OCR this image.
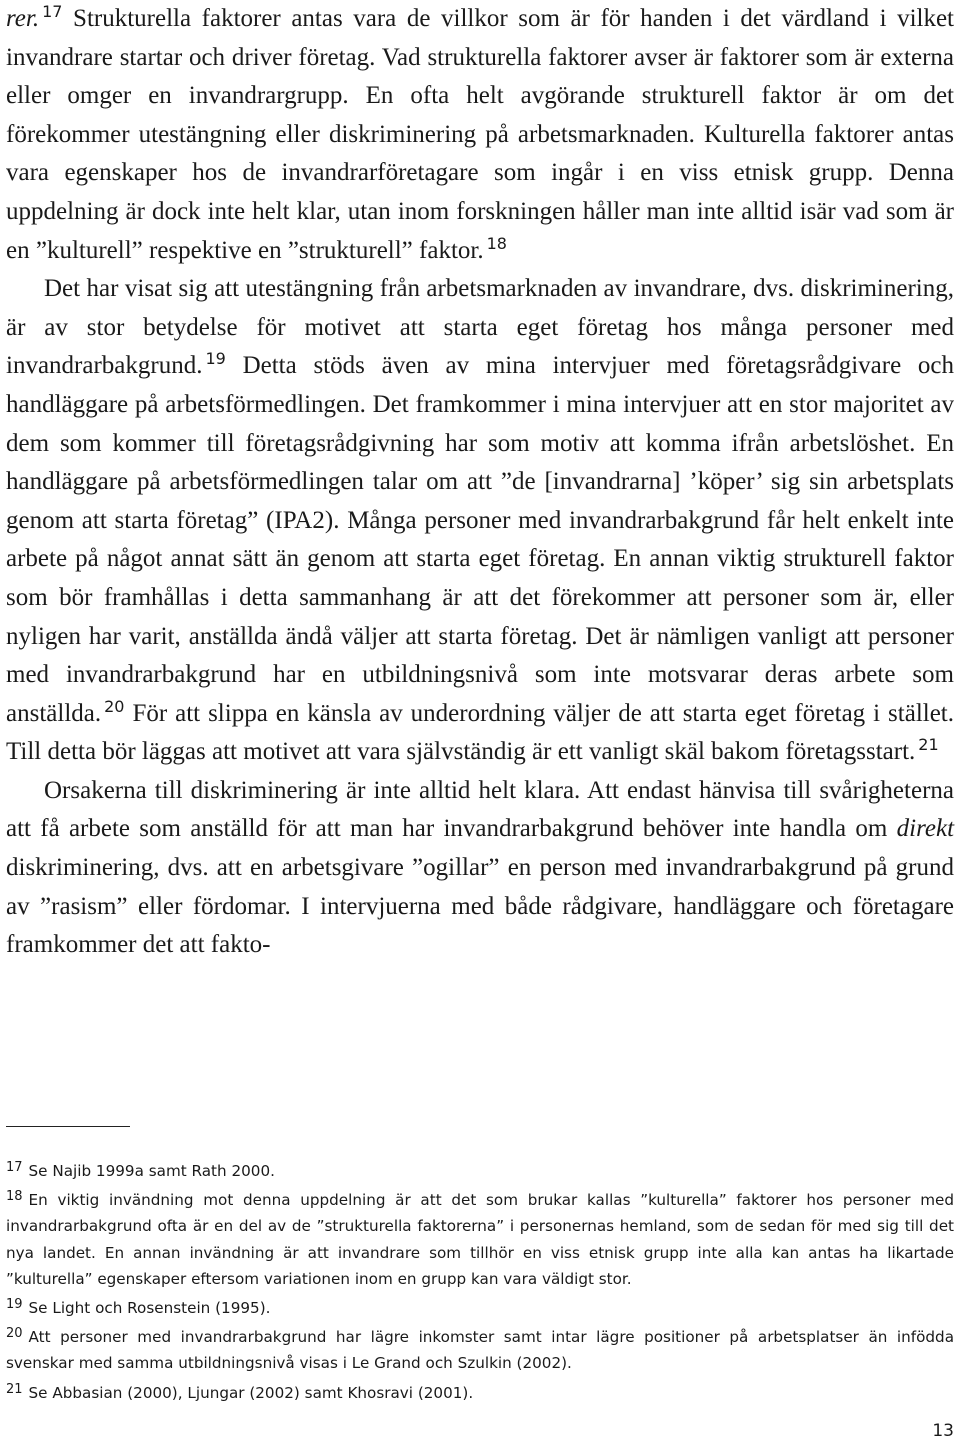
rer. $^{17}$ Strukturella faktorer antas vara de villkor som är för handen i det värdland i vilket invandrare startar och driver företag. Vad strukturella faktorer avser är faktorer som är externa eller omger en invandrargrupp. En ofta helt avgörande strukturell faktor är om det förekommer utestängning eller diskriminering på arbetsmarknaden. Kulturella faktorer antas vara egenskaper hos de invandrarföretagare som ingår i en viss etnisk grupp. Denna uppdelning är dock inte helt klar, utan inom forskningen håller man inte alltid isär vad som är en ”kulturell” respektive en ”strukturell” faktor. $^{18}$

Det har visat sig att utestängning från arbetsmarknaden av invandrare, dvs. diskriminering, är av stor betydelse för motivet att starta eget företag hos många personer med invandrarbakgrund. $^{19}$ Detta stöds även av mina intervjuer med företagsrådgivare och handläggare på arbetsförmedlingen. Det framkommer i mina intervjuer att en stor majoritet av dem som kommer till företagsrådgivning har som motiv att komma ifrån arbetslöshet. En handläggare på arbetsförmedlingen talar om att ”de [invandrarna] ’köper’ sig sin arbetsplats genom att starta företag” (IPA2). Många personer med invandrarbakgrund får helt enkelt inte arbete på något annat sätt än genom att starta eget företag. En annan viktig strukturell faktor som bör framhållas i detta sammanhang är att det förekommer att personer som är, eller nyligen har varit, anställda ändå väljer att starta företag. Det är nämligen vanligt att personer med invandrarbakgrund har en utbildningsnivå som inte motsvarar deras arbete som anställda. $^{20}$ För att slippa en känsla av underordning väljer de att starta eget företag i stället. Till detta bör läggas att motivet att vara självständig är ett vanligt skäl bakom företagsstart. $^{21}$

Orsakerna till diskriminering är inte alltid helt klara. Att endast hänvisa till svårigheterna att få arbete som anställd för att man har invandrarbakgrund behöver inte handla om direkt diskriminering, dvs. att en arbetsgivare ”ogillar” en person med invandrarbakgrund på grund av ”rasism” eller fördomar. I intervjuerna med både rådgivare, handläggare och företagare framkommer det att fakto-

17 Se Najib 1999a samt Rath 2000.

18 En viktig invändning mot denna uppdelning är att det som brukar kallas ”kulturella” faktorer hos personer med invandrarbakgrund ofta är en del av de ”strukturella faktorerna” i personernas hemland, som de sedan för med sig till det nya landet. En annan invändning är att invandrare som tillhör en viss etnisk grupp inte alla kan antas ha likartade ”kulturella” egenskaper eftersom variationen inom en grupp kan vara väldigt stor.

19 Se Light och Rosenstein (1995).

20 Att personer med invandrarbakgrund har lägre inkomster samt intar lägre positioner på arbetsplatser än infödda svenskar med samma utbildningsnivå visas i Le Grand och Szulkin (2002).

21 Se Abbasian (2000), Ljungar (2002) samt Khosravi (2001).

13
